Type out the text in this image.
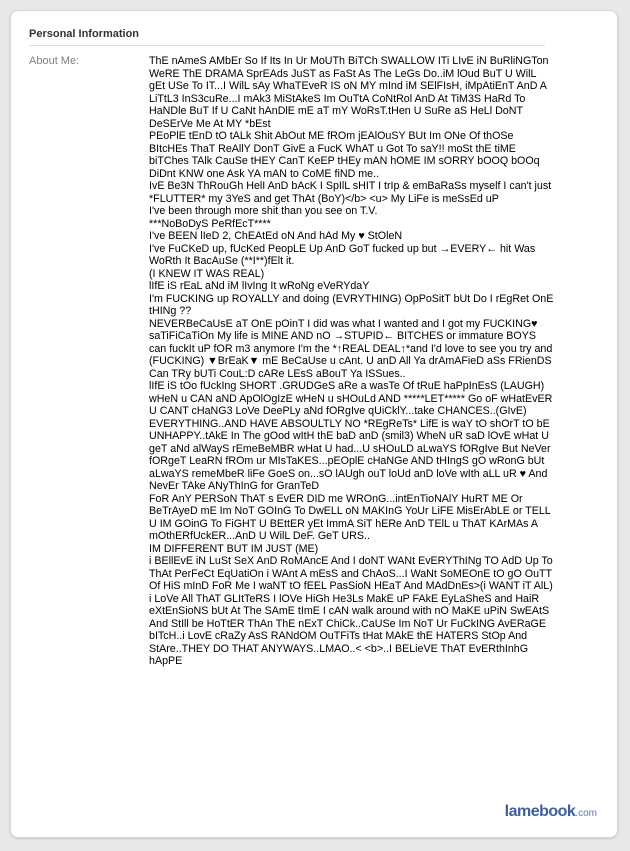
Personal Information
About Me:	ThE nAmeS AMbEr So If Its In Ur MoUTh BiTCh SWALLOW ITi LIvE iN BuRliNGTon WeRE ThE DRAMA SprEAds JuST as FaSt As The LeGs Do..iM lOud BuT U WilL gEt USe To IT...I WilL sAy WhaTEveR IS oN MY mInd iM SElFIsH, iMpAtiEnT AnD A LiTtL3 InS3cuRe...I mAk3 MiStAkeS Im OuTtA CoNtRol AnD At TiM3S HaRd To HaNDle BuT If U CaNt hAnDlE mE aT mY WoRsT.tHen U SuRe aS HeLl DoNT DeSErVe Me At MY *bEst
PEoPlE tEnD tO tALk Shit AbOut ME fROm jEAlOuSY BUt Im ONe Of thOSe BItcHEs ThaT ReAllY DonT GivE a FucK WhAT u Got To saY!! moSt thE tiME biTChes TAlk CauSe tHEY CanT KeEP tHEy mAN hOME IM sORRY bOOQ bOOq DiDnt KNW one Ask YA mAN to CoME fiND me..
IvE Be3N ThRouGh HelI AnD bAcK I SpIlL sHIT I trIp & emBaRaSs myself I can't just *FLUTTER* my 3YeS and get ThAt (BoY)</b> <u> My LiFe is meSsEd uP
I've been through more shit than you see on T.V.
***NoBoDyS PeRfEcT****
I've BEEN lIeD 2, ChEAtEd oN And hAd My ♥ StOleN
I've FuCKeD up, fUcKed PeopLE Up AnD GoT fucked up but →EVERY← hit Was WoRth It BacAuSe (**I**)fElt it.
(I KNEW IT WAS REAL)
lIfE iS rEaL aNd iM lIvIng It wRoNg eVeRYdaY
I'm FUCKING up ROYALLY and doing (EVRYTHING) OpPoSitT bUt Do I rEgRet OnE tHINg ??
NEVERBeCaUsE aT OnE pOinT I did was what I wanted and I got my FUCKING♥ saTiFiCaTiOn My life is MINE AND nO →STUPID← BITCHES or immature BOYS can fuckIt uP fOR m3 anymore I'm the *↑REAL DEAL↑*and I'd love to see you try and (FUCKING) ▼BrEaK▼ mE BeCaUse u cAnt. U anD All Ya drAmAFieD aSs FRienDS Can TRy bUTi CouL:D cARe LEsS aBouT Ya ISSues..
lIfE iS tOo fUckIng SHORT .GRUDGeS aRe a wasTe Of tRuE haPpInEsS (LAUGH) wHeN u CAN aND ApOlOgIzE wHeN u sHOuLd AND *****LET***** Go oF wHatEvER U CANT cHaNG3 LoVe DeePLy aNd fORgIve qUiCklY...take CHANCES..(GIvE) EVERYTHING..AND HAVE ABSOULTLY NO *REgReTs* LifE is waY tO shOrT tO bE UNHAPPY..tAkE In The gOod wItH thE baD anD (smil3) WheN uR saD lOvE wHat U geT aNd alWayS rEmeBeMBR wHat U had...U sHOuLD aLwaYS fORgIve But NeVer fORgeT LeaRN fROm ur MIsTaKES...pEOplE cHaNGe AND tHIngS gO wRonG bUt aLwaYS remeMbeR liFe GoeS on...sO lAUgh ouT loUd anD loVe wIth aLL uR ♥ And NevEr TAke ANyThInG for GranTeD
FoR AnY PERSoN ThAT s EvER DID me WROnG...intEnTioNAlY HuRT ME Or BeTrAyeD mE Im NoT GOInG To DwELL oN MAKInG YoUr LiFE MisErAbLE or TELL U IM GOinG To FiGHT U BEttER yEt ImmA SiT hERe AnD TElL u ThAT KArMAs A mOthERfUckER...AnD U WilL DeF. GeT URS..
IM DIFFERENT BUT IM JUST (ME)
i BEllEvE iN LuSt SeX AnD RoMAncE And I doNT WANt EvERYThINg TO AdD Up To ThAt PerFeCt EqUatiOn i WAnt A mEsS and ChAoS...I WaNt SoMEOnE tO gO OuTT Of HiS mInD FoR Me I waNT tO fEEL PasSioN HEaT And MAdDnEs>(i WANT iT AlL)
i LoVe All ThAT GLItTeRS I lOVe HiGh He3Ls MakE uP FAkE EyLaSheS and HaiR eXtEnSioNS bUt At The SAmE tImE I cAN walk around with nO MaKE uPiN SwEAtS And StIll be HoTtER ThAn ThE nExT ChiCk..CaUSe Im NoT Ur FuCkING AvERaGE bITcH..i LovE cRaZy AsS RANdOM OuTFiTs tHat MAkE thE HATERS StOp And StAre..THEY DO THAT ANYWAYS..LMAO..< <b>..I BELieVE ThAT EvERthInhG hApPE
lamebook.com
